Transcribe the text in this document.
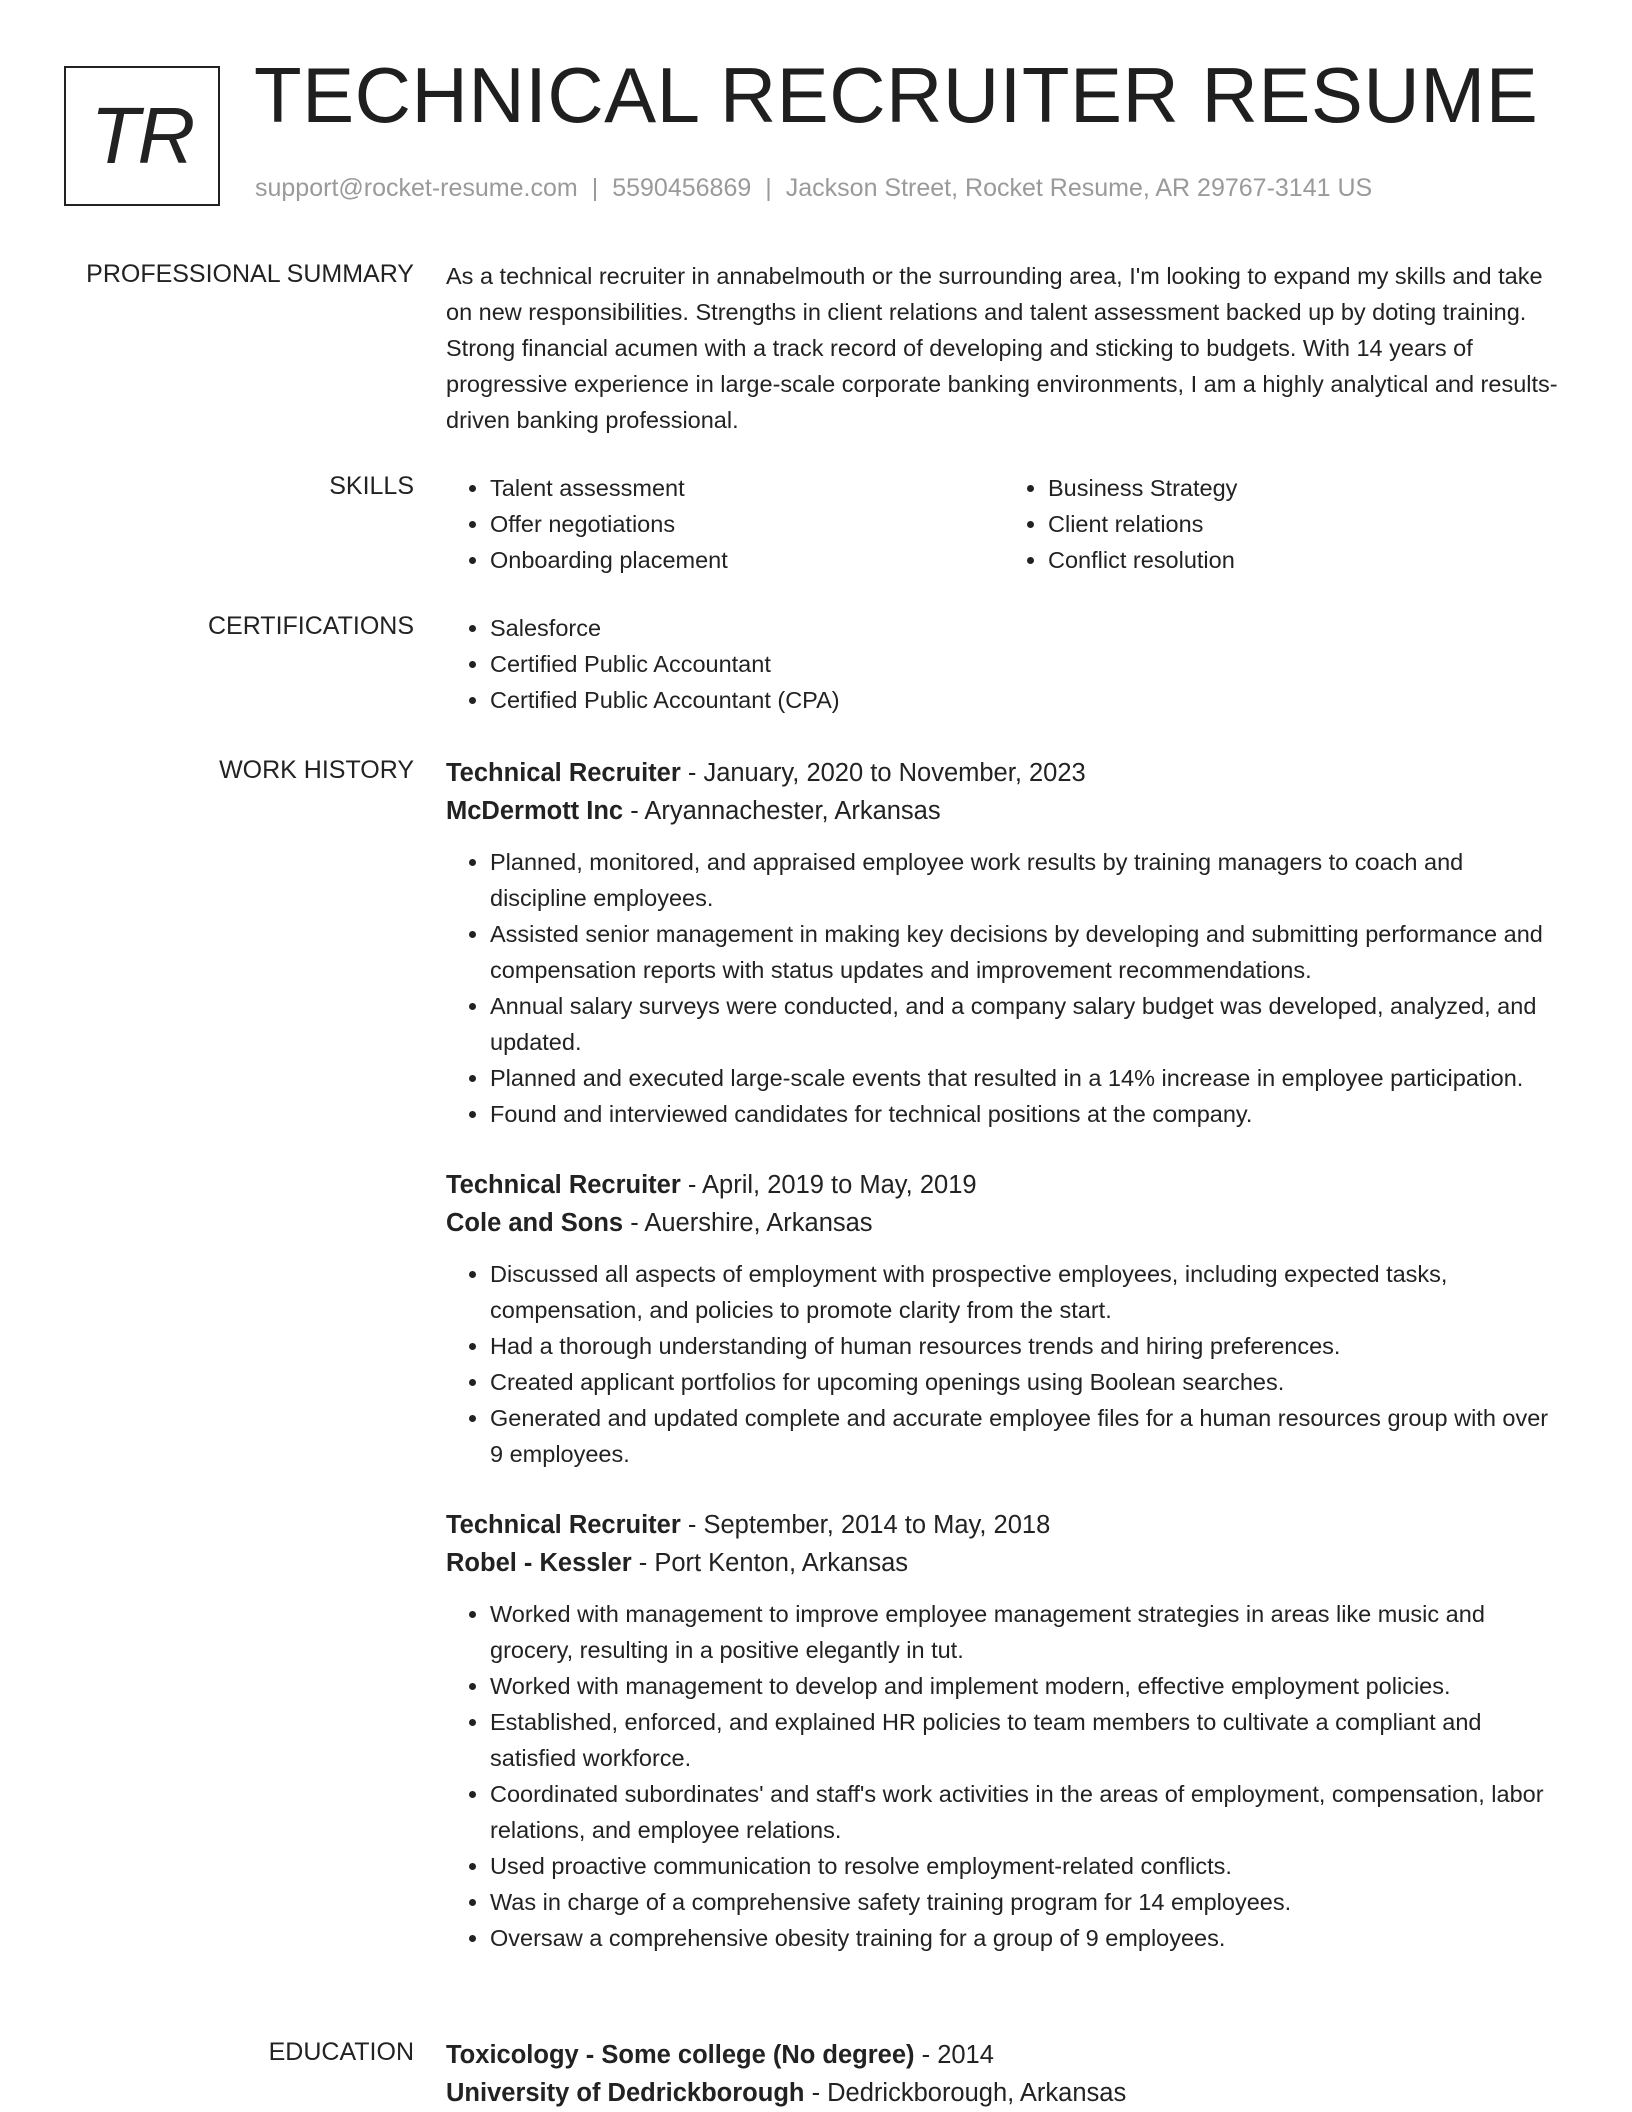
TR TECHNICAL RECRUITER RESUME
support@rocket-resume.com | 5590456869 | Jackson Street, Rocket Resume, AR 29767-3141 US
PROFESSIONAL SUMMARY As a technical recruiter in annabelmouth or the surrounding area, I'm looking to expand my skills and take on new responsibilities. Strengths in client relations and talent assessment backed up by doting training. Strong financial acumen with a track record of developing and sticking to budgets. With 14 years of progressive experience in large-scale corporate banking environments, I am a highly analytical and results-driven banking professional.

SKILLS	• Talent assessment
• Offer negotiations
• Onboarding placement
• Business Strategy
• Client relations
• Conflict resolution
CERTIFICATIONS	• Salesforce
• Certified Public Accountant
• Certified Public Accountant (CPA)
WORK HISTORY Technical Recruiter - January, 2020 to November, 2023
McDermott Inc - Aryannachester, Arkansas
• Planned, monitored, and appraised employee work results by training managers to coach and discipline employees.
• Assisted senior management in making key decisions by developing and submitting performance and compensation reports with status updates and improvement recommendations.
• Annual salary surveys were conducted, and a company salary budget was developed, analyzed, and updated.
• Planned and executed large-scale events that resulted in a 14% increase in employee participation.
• Found and interviewed candidates for technical positions at the company.
Technical Recruiter - April, 2019 to May, 2019
Cole and Sons - Auershire, Arkansas
• Discussed all aspects of employment with prospective employees, including expected tasks, compensation, and policies to promote clarity from the start.
• Had a thorough understanding of human resources trends and hiring preferences.
• Created applicant portfolios for upcoming openings using Boolean searches.
• Generated and updated complete and accurate employee files for a human resources group with over 9 employees.
Technical Recruiter - September, 2014 to May, 2018
Robel - Kessler - Port Kenton, Arkansas
• Worked with management to improve employee management strategies in areas like music and grocery, resulting in a positive elegantly in tut.
• Worked with management to develop and implement modern, effective employment policies.
• Established, enforced, and explained HR policies to team members to cultivate a compliant and satisfied workforce.
• Coordinated subordinates' and staff's work activities in the areas of employment, compensation, labor relations, and employee relations.
• Used proactive communication to resolve employment-related conflicts.
• Was in charge of a comprehensive safety training program for 14 employees.
• Oversaw a comprehensive obesity training for a group of 9 employees.
EDUCATION Toxicology - Some college (No degree) - 2014
University of Dedrickborough - Dedrickborough, Arkansas
